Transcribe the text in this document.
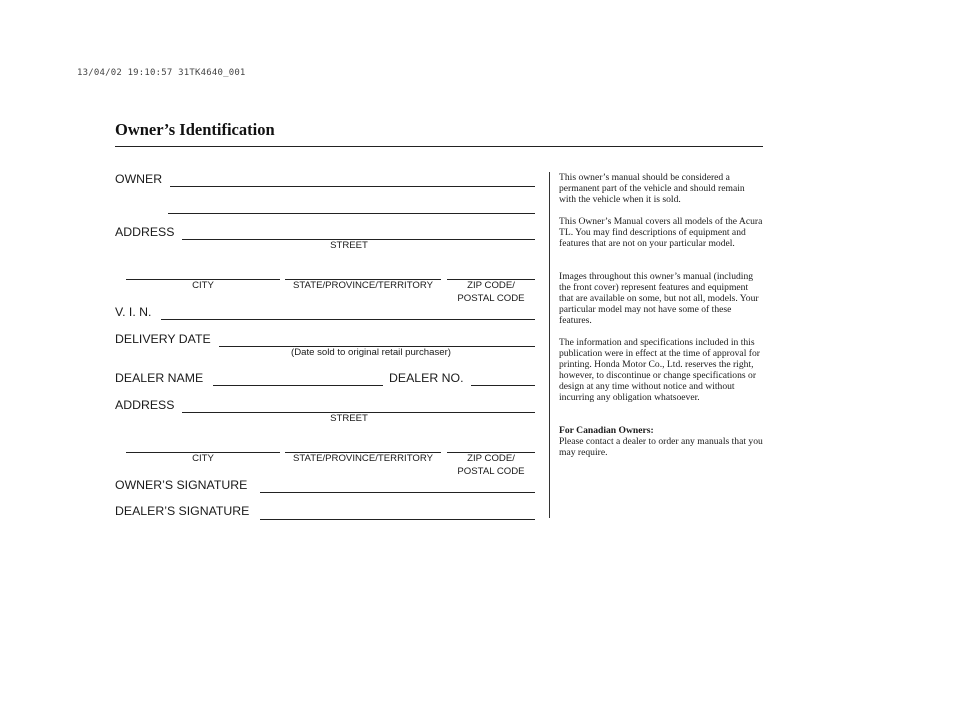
13/04/02 19:10:57 31TK4640_001
Owner’s Identification
OWNER
ADDRESS
STREET
CITY	STATE/PROVINCE/TERRITORY	ZIP CODE/
POSTAL CODE
V. I. N.
DELIVERY DATE
(Date sold to original retail purchaser)
DEALER NAME	DEALER NO.
ADDRESS
STREET
CITY	STATE/PROVINCE/TERRITORY	ZIP CODE/
POSTAL CODE
OWNER’S SIGNATURE
DEALER’S SIGNATURE
This owner’s manual should be considered a permanent part of the vehicle and should remain with the vehicle when it is sold.
This Owner’s Manual covers all models of the Acura TL. You may find descriptions of equipment and features that are not on your particular model.
Images throughout this owner’s manual (including the front cover) represent features and equipment that are available on some, but not all, models. Your particular model may not have some of these features.
The information and specifications included in this publication were in effect at the time of approval for printing. Honda Motor Co., Ltd. reserves the right, however, to discontinue or change specifications or design at any time without notice and without incurring any obligation whatsoever.
For Canadian Owners:
Please contact a dealer to order any manuals that you may require.
